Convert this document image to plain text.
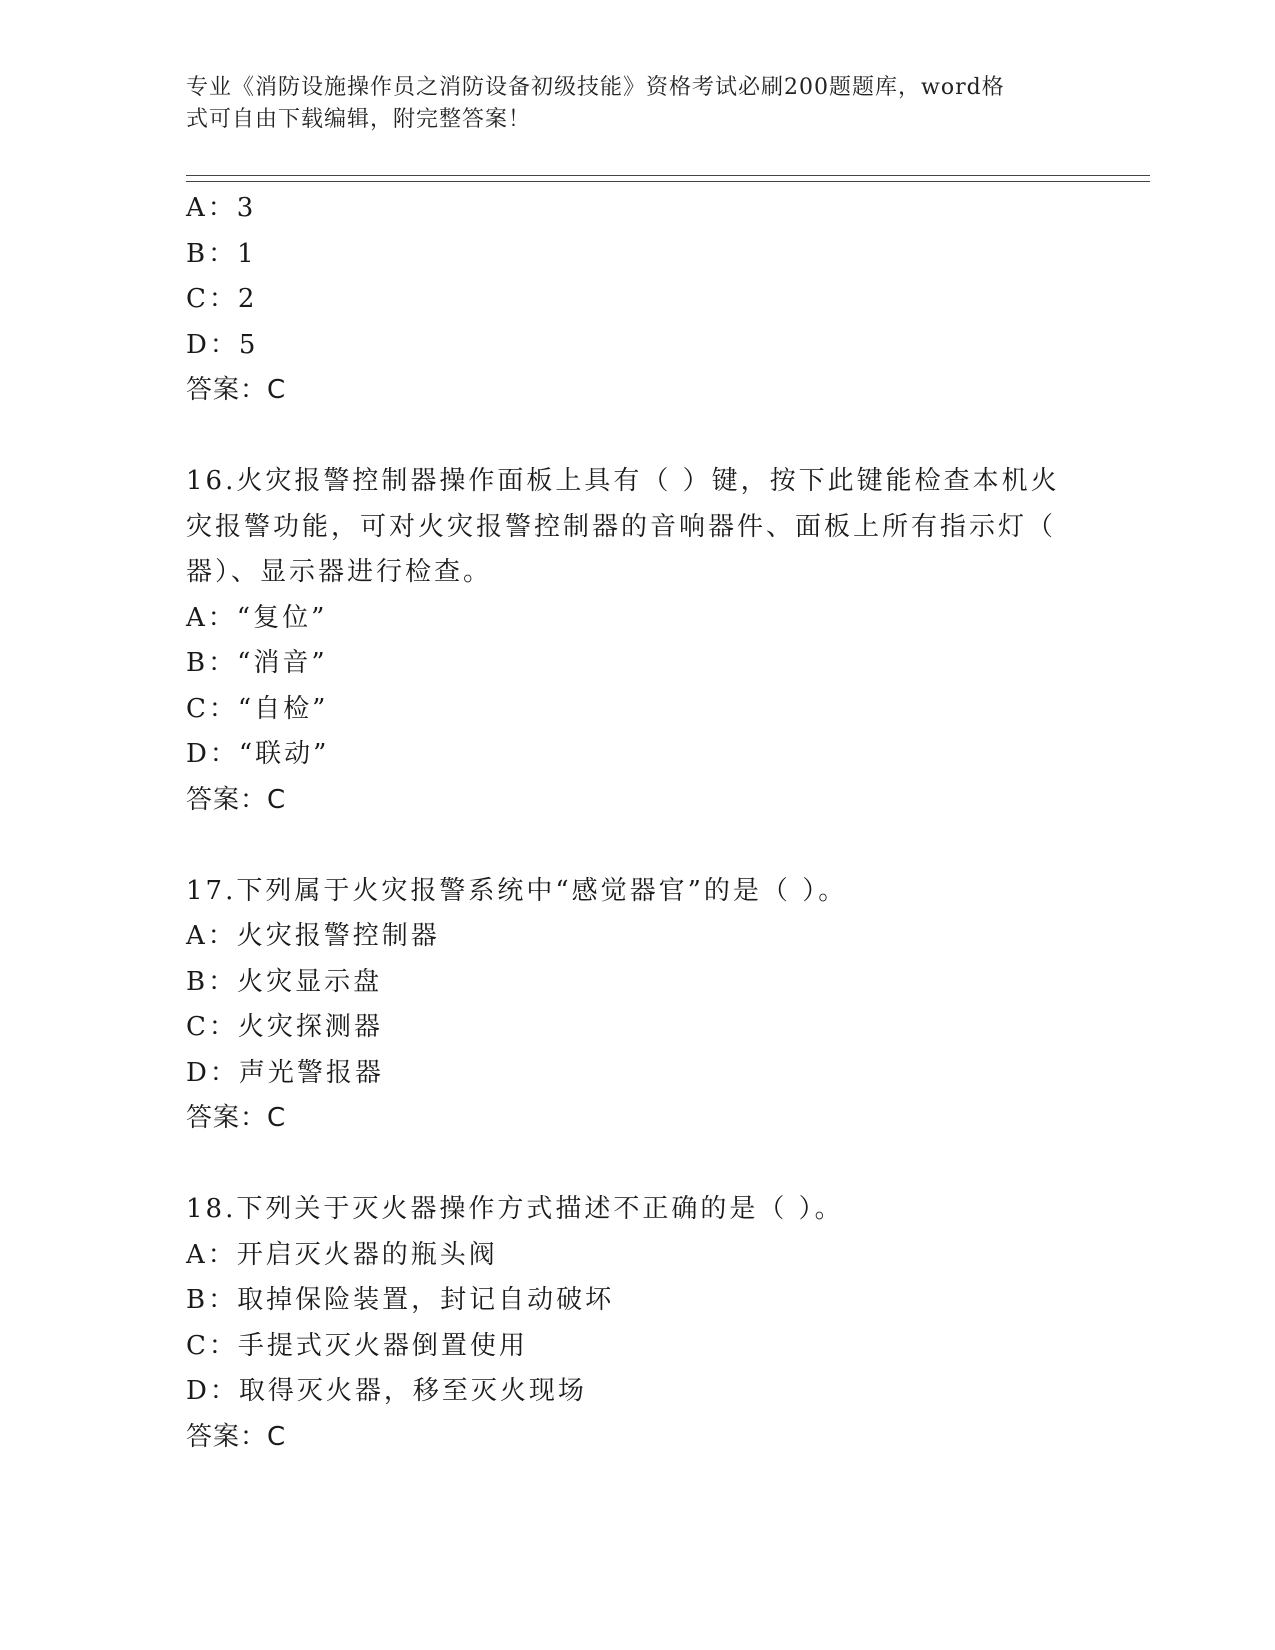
专业《消防设施操作员之消防设备初级技能》资格考试必刷200题题库，word格
式可自由下载编辑，附完整答案！
A：3
B：1
C：2
D：5
答案：C
16.火灾报警控制器操作面板上具有（ ）键，按下此键能检查本机火
灾报警功能，可对火灾报警控制器的音响器件、面板上所有指示灯（
器）、显示器进行检查。
A：“复位”
B：“消音”
C：“自检”
D：“联动”
答案：C
17.下列属于火灾报警系统中“感觉器官”的是（ ）。
A：火灾报警控制器
B：火灾显示盘
C：火灾探测器
D：声光警报器
答案：C
18.下列关于灭火器操作方式描述不正确的是（ ）。
A：开启灭火器的瓶头阀
B：取掉保险装置，封记自动破坏
C：手提式灭火器倒置使用
D：取得灭火器，移至灭火现场
答案：C
